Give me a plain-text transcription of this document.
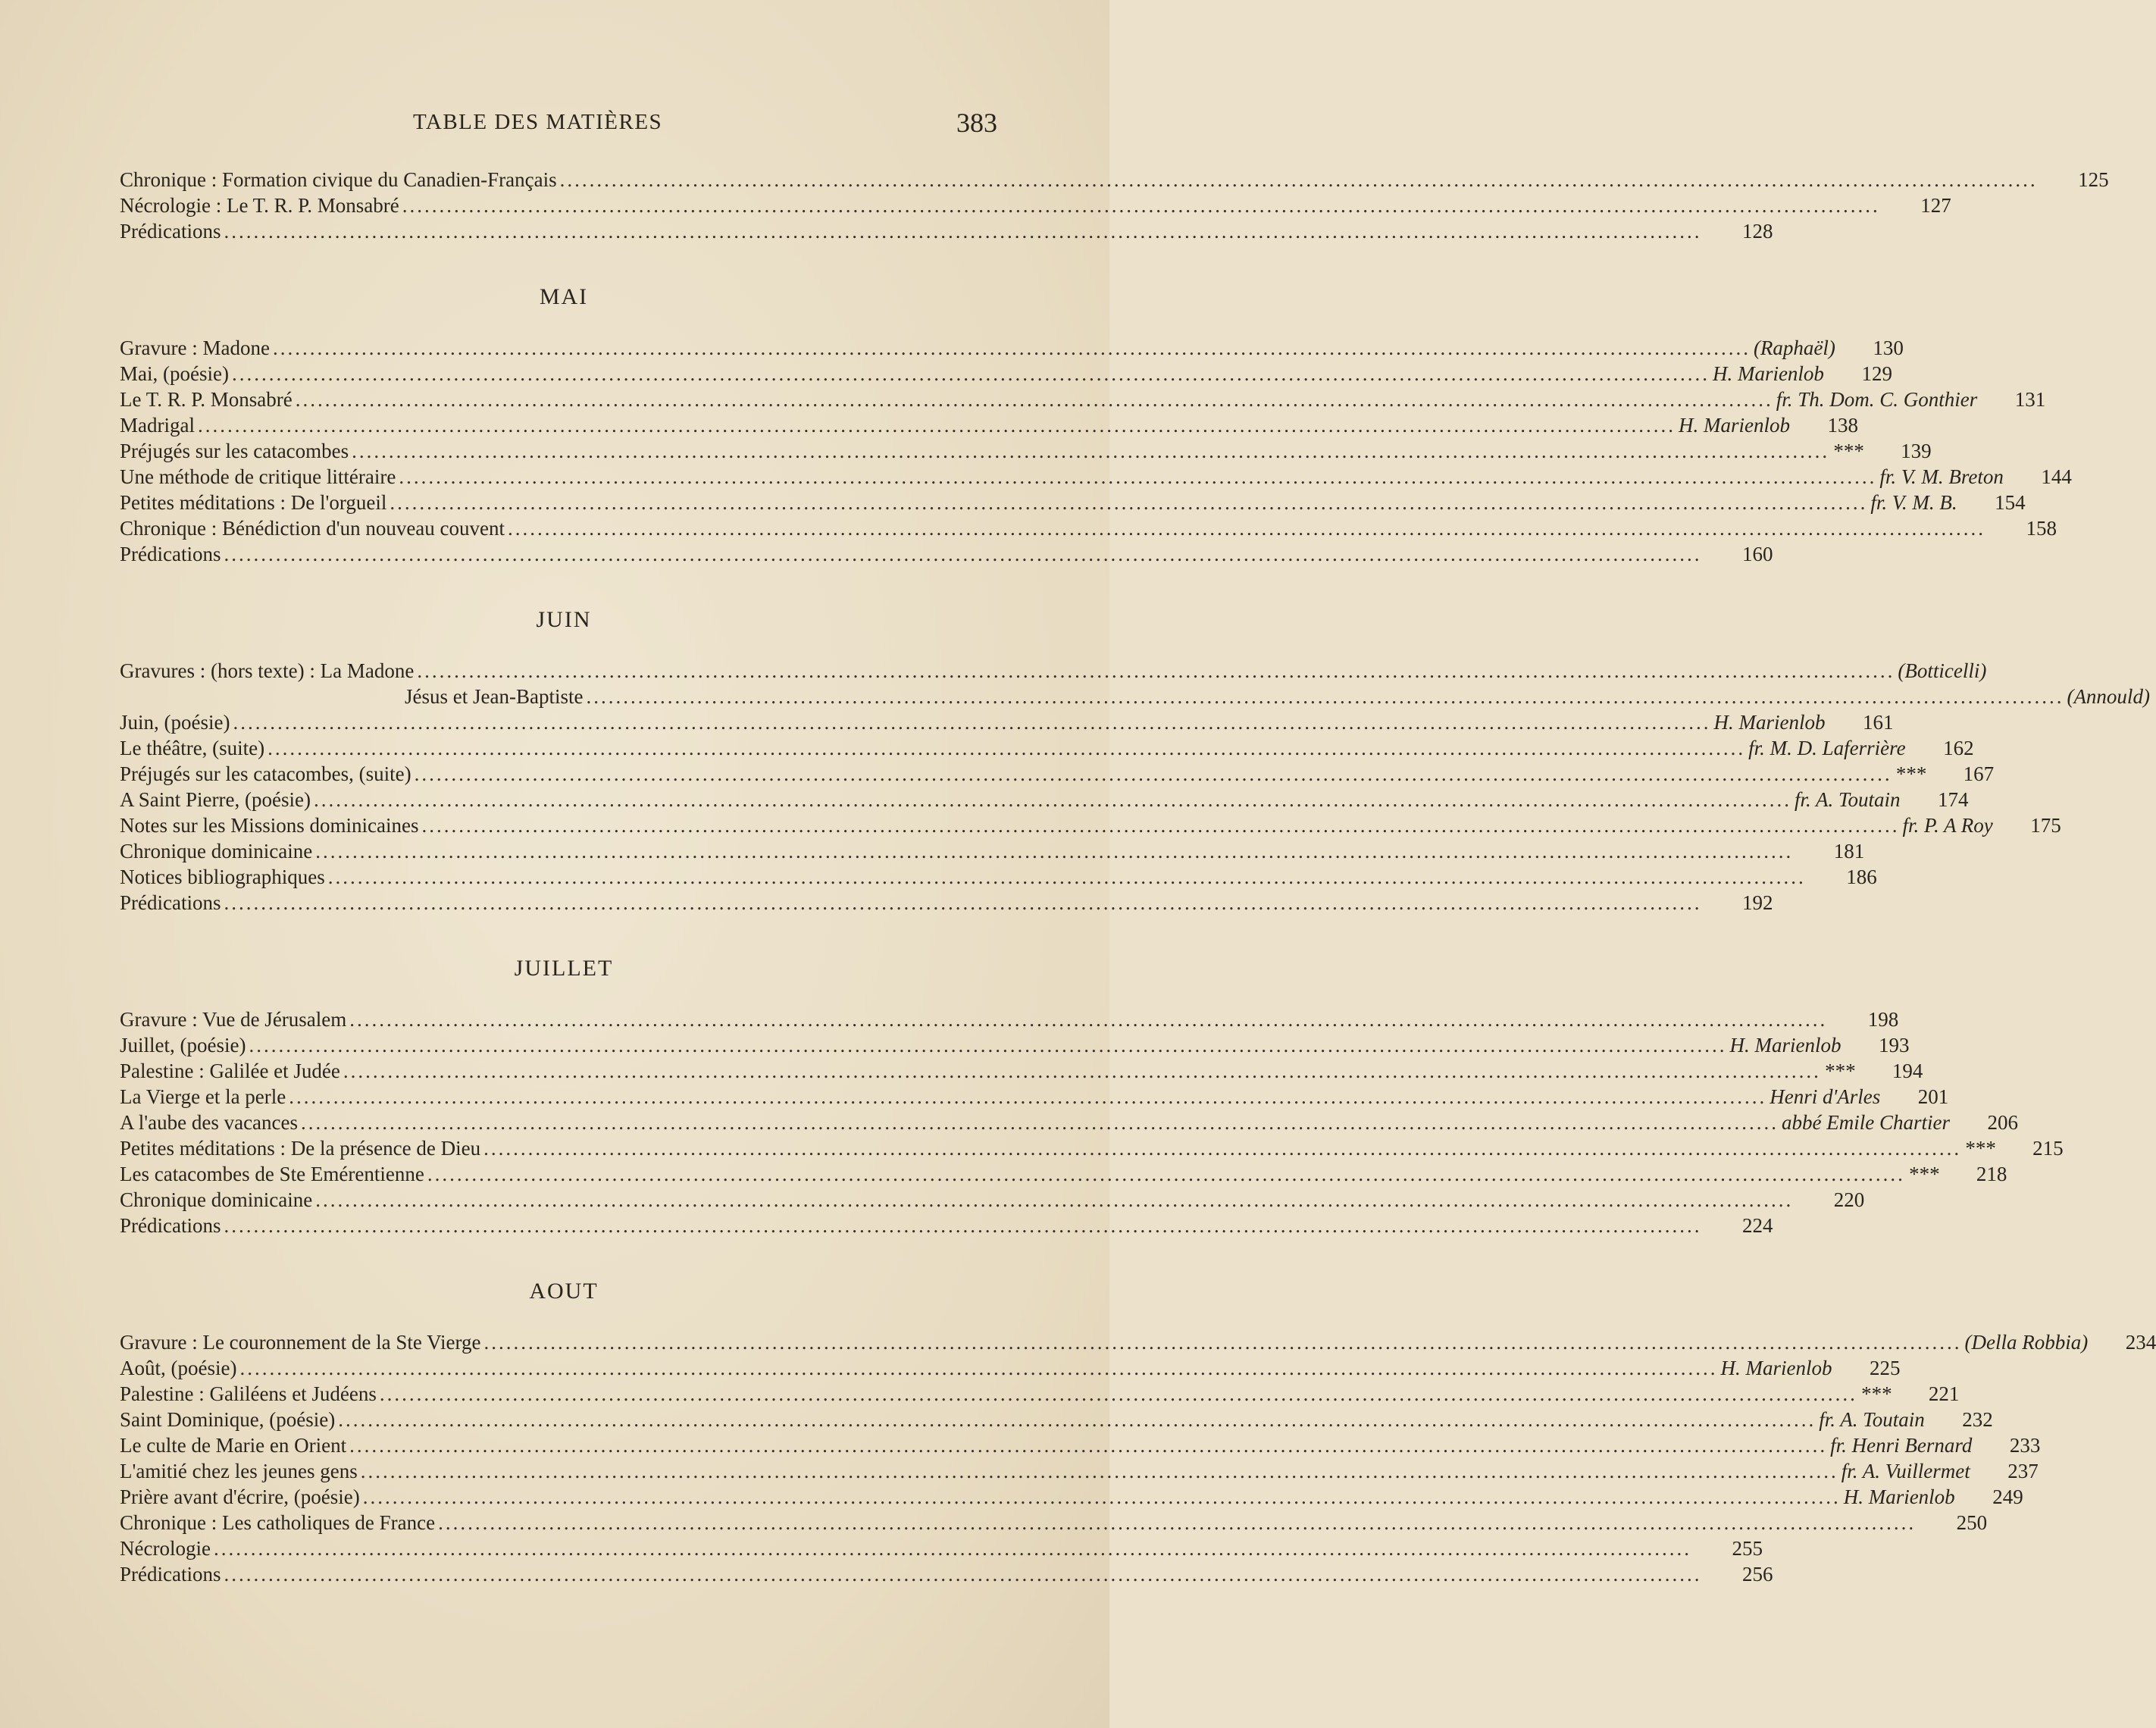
TABLE DES MATIÈRES	383
Chronique : Formation civique du Canadien-Français ........................................................................................................................................................................................................	125
Nécrologie : Le T. R. P. Monsabré ........................................................................................................................................................................................................	127
Prédications ........................................................................................................................................................................................................	128
MAI
Gravure : Madone ........................................................................................................................................................................................................ (Raphaël)	130
Mai, (poésie) ........................................................................................................................................................................................................ H. Marienlob	129
Le T. R. P. Monsabré ........................................................................................................................................................................................................ fr. Th. Dom. C. Gonthier	131
Madrigal ........................................................................................................................................................................................................ H. Marienlob	138
Préjugés sur les catacombes ........................................................................................................................................................................................................ ***	139
Une méthode de critique littéraire ........................................................................................................................................................................................................ fr. V. M. Breton	144
Petites méditations : De l'orgueil ........................................................................................................................................................................................................ fr. V. M. B.	154
Chronique : Bénédiction d'un nouveau couvent ........................................................................................................................................................................................................	158
Prédications ........................................................................................................................................................................................................	160
JUIN
Gravures : (hors texte) : La Madone ........................................................................................................................................................................................................ (Botticelli)
Jésus et Jean-Baptiste ........................................................................................................................................................................................................ (Annould)
Juin, (poésie) ........................................................................................................................................................................................................ H. Marienlob	161
Le théâtre, (suite) ........................................................................................................................................................................................................ fr. M. D. Laferrière	162
Préjugés sur les catacombes, (suite) ........................................................................................................................................................................................................ ***	167
A Saint Pierre, (poésie) ........................................................................................................................................................................................................ fr. A. Toutain	174
Notes sur les Missions dominicaines ........................................................................................................................................................................................................ fr. P. A Roy	175
Chronique dominicaine ........................................................................................................................................................................................................	181
Notices bibliographiques ........................................................................................................................................................................................................	186
Prédications ........................................................................................................................................................................................................	192
JUILLET
Gravure : Vue de Jérusalem ........................................................................................................................................................................................................	198
Juillet, (poésie) ........................................................................................................................................................................................................ H. Marienlob	193
Palestine : Galilée et Judée ........................................................................................................................................................................................................ ***	194
La Vierge et la perle ........................................................................................................................................................................................................ Henri d'Arles	201
A l'aube des vacances ........................................................................................................................................................................................................ abbé Emile Chartier	206
Petites méditations : De la présence de Dieu ........................................................................................................................................................................................................ ***	215
Les catacombes de Ste Emérentienne ........................................................................................................................................................................................................ ***	218
Chronique dominicaine ........................................................................................................................................................................................................	220
Prédications ........................................................................................................................................................................................................	224
AOUT
Gravure : Le couronnement de la Ste Vierge ........................................................................................................................................................................................................ (Della Robbia)	234
Août, (poésie) ........................................................................................................................................................................................................ H. Marienlob	225
Palestine : Galiléens et Judéens ........................................................................................................................................................................................................ ***	221
Saint Dominique, (poésie) ........................................................................................................................................................................................................ fr. A. Toutain	232
Le culte de Marie en Orient ........................................................................................................................................................................................................ fr. Henri Bernard	233
L'amitié chez les jeunes gens ........................................................................................................................................................................................................ fr. A. Vuillermet	237
Prière avant d'écrire, (poésie) ........................................................................................................................................................................................................ H. Marienlob	249
Chronique : Les catholiques de France ........................................................................................................................................................................................................	250
Nécrologie ........................................................................................................................................................................................................	255
Prédications ........................................................................................................................................................................................................	256
